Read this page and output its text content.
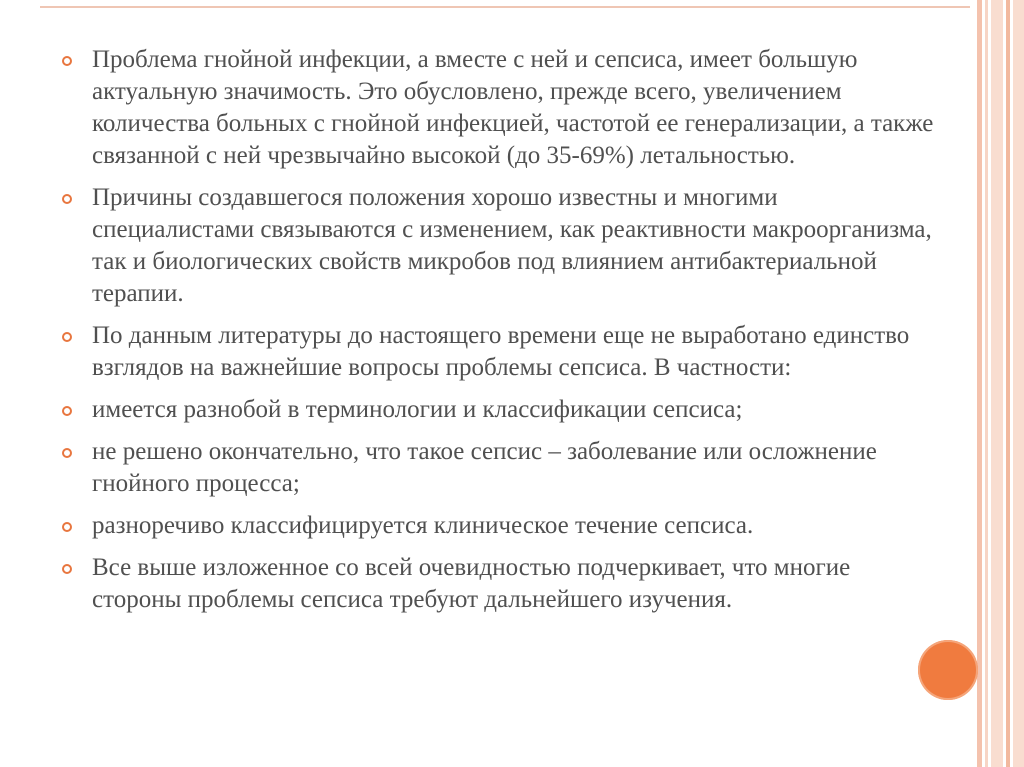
Проблема гнойной инфекции, а вместе с ней и сепсиса, имеет большую актуальную значимость. Это обусловлено, прежде всего, увеличением количества больных с гнойной инфекцией, частотой ее генерализации, а также связанной с ней чрезвычайно высокой (до 35-69%) летальностью.

Причины создавшегося положения хорошо известны и многими специалистами связываются с изменением, как реактивности макроорганизма, так и биологических свойств микробов под влиянием антибактериальной терапии.

По данным литературы до настоящего времени еще не выработано единство взглядов на важнейшие вопросы проблемы сепсиса. В частности:

имеется разнобой в терминологии и классификации сепсиса;

не решено окончательно, что такое сепсис – заболевание или осложнение гнойного процесса;

разноречиво классифицируется клиническое течение сепсиса.

Все выше изложенное со всей очевидностью подчеркивает, что многие стороны проблемы сепсиса требуют дальнейшего изучения.
